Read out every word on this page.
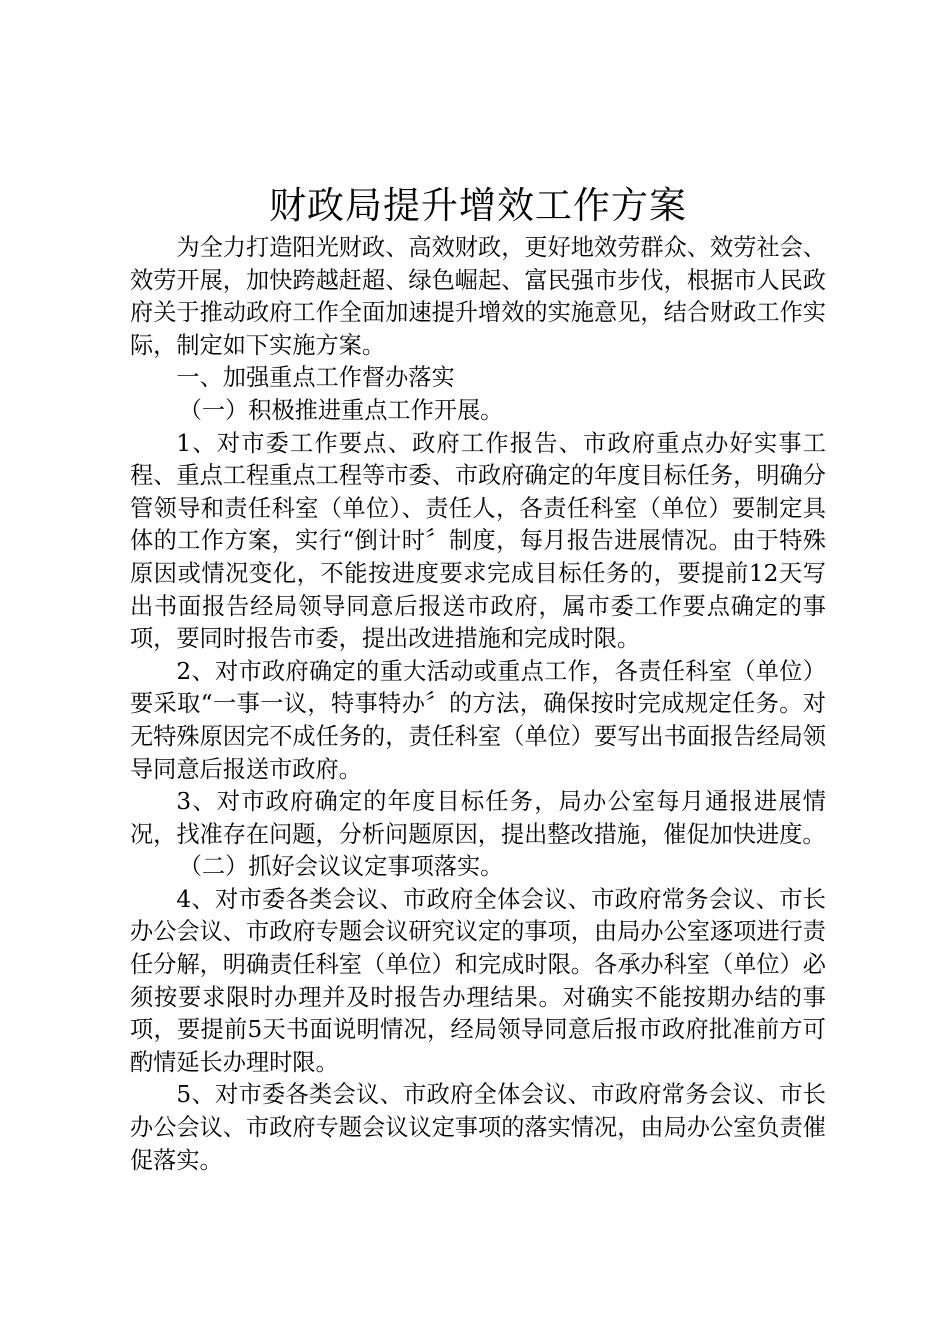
财政局提升增效工作方案

为全力打造阳光财政、高效财政，更好地效劳群众、效劳社会、效劳开展，加快跨越赶超、绿色崛起、富民强市步伐，根据市人民政府关于推动政府工作全面加速提升增效的实施意见，结合财政工作实际，制定如下实施方案。

一、加强重点工作督办落实

（一）积极推进重点工作开展。

1、对市委工作要点、政府工作报告、市政府重点办好实事工程、重点工程重点工程等市委、市政府确定的年度目标任务，明确分管领导和责任科室（单位）、责任人，各责任科室（单位）要制定具体的工作方案，实行“倒计时〞制度，每月报告进展情况。由于特殊原因或情况变化，不能按进度要求完成目标任务的，要提前12天写出书面报告经局领导同意后报送市政府，属市委工作要点确定的事项，要同时报告市委，提出改进措施和完成时限。

2、对市政府确定的重大活动或重点工作，各责任科室（单位）要采取“一事一议，特事特办〞的方法，确保按时完成规定任务。对无特殊原因完不成任务的，责任科室（单位）要写出书面报告经局领导同意后报送市政府。

3、对市政府确定的年度目标任务，局办公室每月通报进展情况，找准存在问题，分析问题原因，提出整改措施，催促加快进度。

（二）抓好会议议定事项落实。

4、对市委各类会议、市政府全体会议、市政府常务会议、市长办公会议、市政府专题会议研究议定的事项，由局办公室逐项进行责任分解，明确责任科室（单位）和完成时限。各承办科室（单位）必须按要求限时办理并及时报告办理结果。对确实不能按期办结的事项，要提前5天书面说明情况，经局领导同意后报市政府批准前方可酌情延长办理时限。

5、对市委各类会议、市政府全体会议、市政府常务会议、市长办公会议、市政府专题会议议定事项的落实情况，由局办公室负责催促落实。
